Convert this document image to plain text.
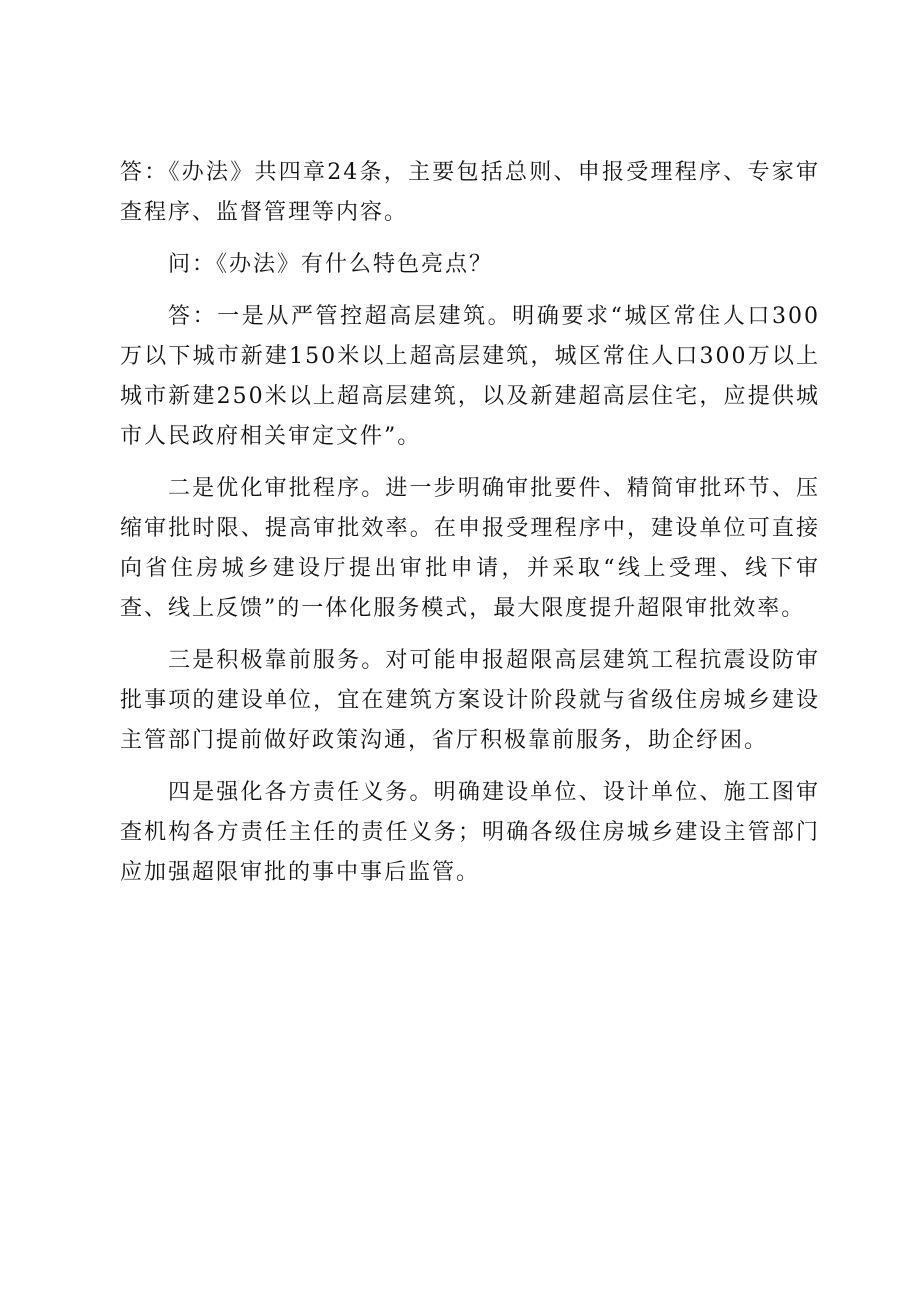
答：《办法》共四章24条，主要包括总则、申报受理程序、专家审查程序、监督管理等内容。

问：《办法》有什么特色亮点？

答：一是从严管控超高层建筑。明确要求“城区常住人口300万以下城市新建150米以上超高层建筑，城区常住人口300万以上城市新建250米以上超高层建筑，以及新建超高层住宅，应提供城市人民政府相关审定文件”。

二是优化审批程序。进一步明确审批要件、精简审批环节、压缩审批时限、提高审批效率。在申报受理程序中，建设单位可直接向省住房城乡建设厅提出审批申请，并采取“线上受理、线下审查、线上反馈”的一体化服务模式，最大限度提升超限审批效率。

三是积极靠前服务。对可能申报超限高层建筑工程抗震设防审批事项的建设单位，宜在建筑方案设计阶段就与省级住房城乡建设主管部门提前做好政策沟通，省厅积极靠前服务，助企纾困。

四是强化各方责任义务。明确建设单位、设计单位、施工图审查机构各方责任主任的责任义务；明确各级住房城乡建设主管部门应加强超限审批的事中事后监管。
